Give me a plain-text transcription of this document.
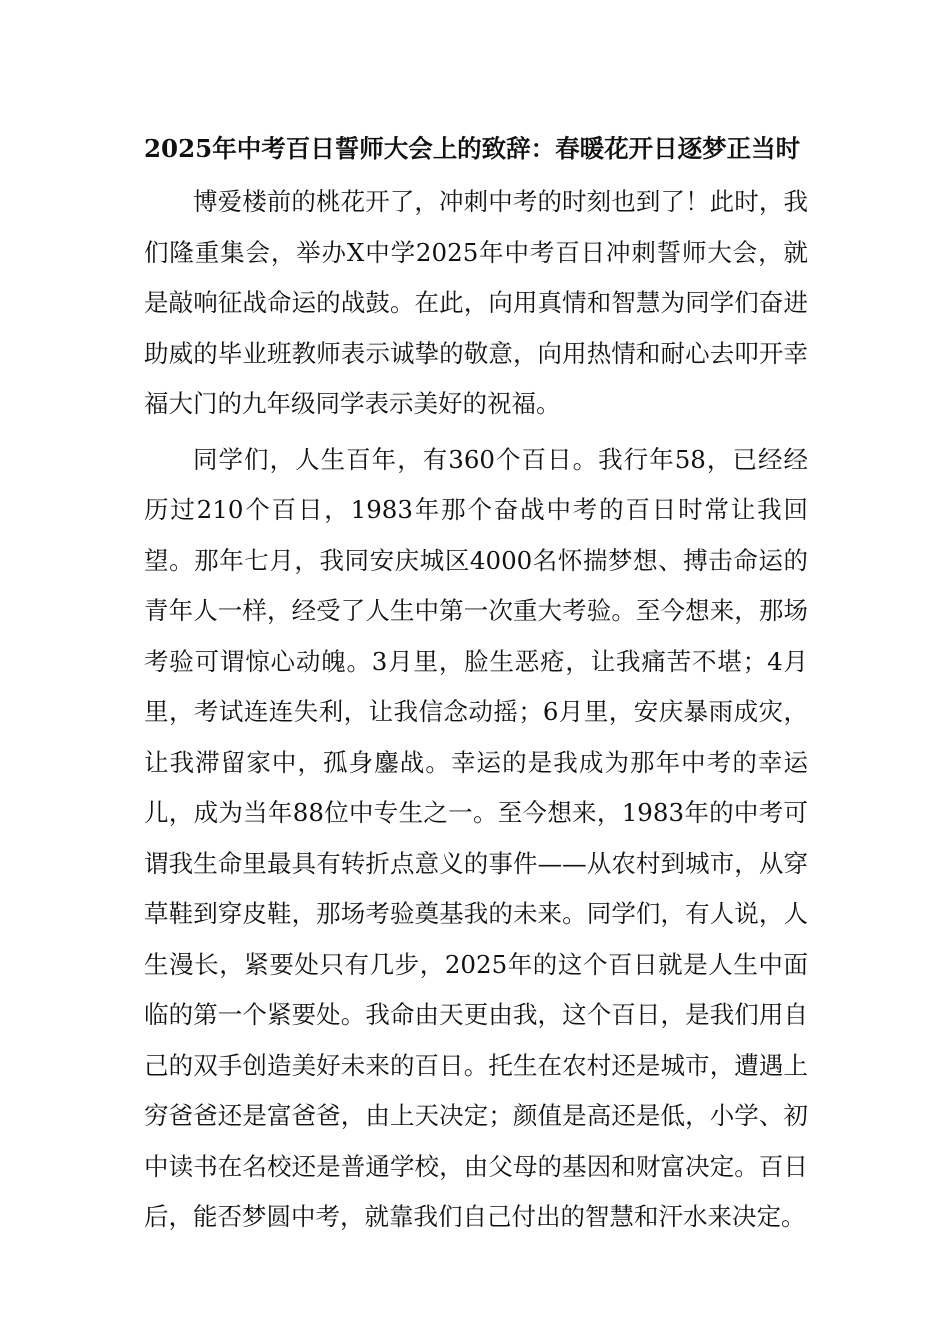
2025年中考百日誓师大会上的致辞：春暖花开日逐梦正当时

博爱楼前的桃花开了，冲刺中考的时刻也到了！此时，我们隆重集会，举办X中学2025年中考百日冲刺誓师大会，就是敲响征战命运的战鼓。在此，向用真情和智慧为同学们奋进助威的毕业班教师表示诚挚的敬意，向用热情和耐心去叩开幸福大门的九年级同学表示美好的祝福。

同学们，人生百年，有360个百日。我行年58，已经经历过210个百日，1983年那个奋战中考的百日时常让我回望。那年七月，我同安庆城区4000名怀揣梦想、搏击命运的青年人一样，经受了人生中第一次重大考验。至今想来，那场考验可谓惊心动魄。3月里，脸生恶疮，让我痛苦不堪；4月里，考试连连失利，让我信念动摇；6月里，安庆暴雨成灾，让我滞留家中，孤身鏖战。幸运的是我成为那年中考的幸运儿，成为当年88位中专生之一。至今想来，1983年的中考可谓我生命里最具有转折点意义的事件——从农村到城市，从穿草鞋到穿皮鞋，那场考验奠基我的未来。同学们，有人说，人生漫长，紧要处只有几步，2025年的这个百日就是人生中面临的第一个紧要处。我命由天更由我，这个百日，是我们用自己的双手创造美好未来的百日。托生在农村还是城市，遭遇上穷爸爸还是富爸爸，由上天决定；颜值是高还是低，小学、初中读书在名校还是普通学校，由父母的基因和财富决定。百日后，能否梦圆中考，就靠我们自己付出的智慧和汗水来决定。
